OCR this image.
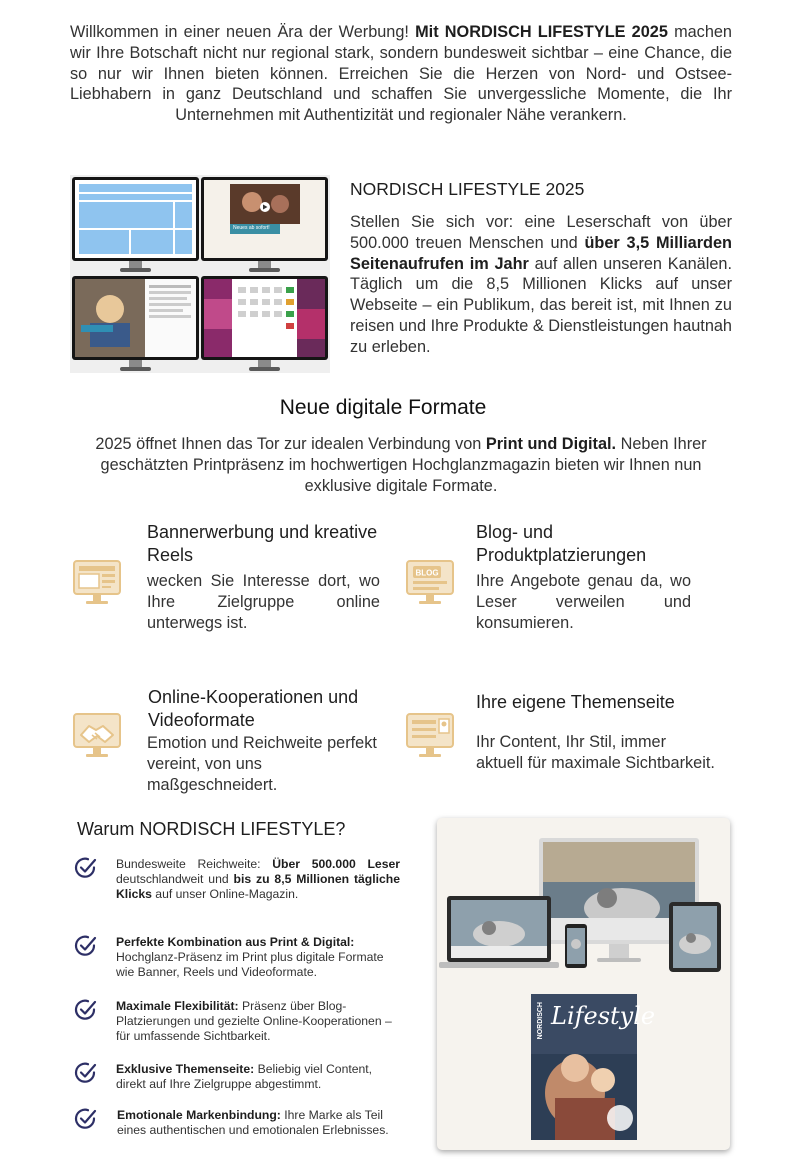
Willkommen in einer neuen Ära der Werbung! Mit NORDISCH LIFESTYLE 2025 machen wir Ihre Botschaft nicht nur regional stark, sondern bundesweit sichtbar – eine Chance, die so nur wir Ihnen bieten können. Erreichen Sie die Herzen von Nord- und Ostsee-Liebhabern in ganz Deutschland und schaffen Sie unvergessliche Momente, die Ihr Unternehmen mit Authentizität und regionaler Nähe verankern.

Neues ab sofort!
NORDISCH LIFESTYLE 2025

Stellen Sie sich vor: eine Leserschaft von über 500.000 treuen Menschen und über 3,5 Milliarden Seitenaufrufen im Jahr auf allen unseren Kanälen. Täglich um die 8,5 Millionen Klicks auf unser Webseite – ein Publikum, das bereit ist, mit Ihnen zu reisen und Ihre Produkte & Dienstleistungen hautnah zu erleben.

Neue digitale Formate

2025 öffnet Ihnen das Tor zur idealen Verbindung von Print und Digital. Neben Ihrer geschätzten Printpräsenz im hochwertigen Hochglanzmagazin bieten wir Ihnen nun exklusive digitale Formate.

Bannerwerbung und kreative Reels

wecken Sie Interesse dort, wo Ihre Zielgruppe online unterwegs ist.

BLOG
Blog- und Produktplatzierungen

Ihre Angebote genau da, wo Leser verweilen und konsumieren.

Online-Kooperationen und Videoformate

Emotion und Reichweite perfekt vereint, von uns maßgeschneidert.

Ihre eigene Themenseite

Ihr Content, Ihr Stil, immer aktuell für maximale Sichtbarkeit.

Warum NORDISCH LIFESTYLE?

Bundesweite Reichweite: Über 500.000 Leser deutschlandweit und bis zu 8,5 Millionen tägliche Klicks auf unser Online-Magazin.

Perfekte Kombination aus Print & Digital: Hochglanz-Präsenz im Print plus digitale Formate wie Banner, Reels und Videoformate.

Maximale Flexibilität: Präsenz über Blog-Platzierungen und gezielte Online-Kooperationen – für umfassende Sichtbarkeit.

Exklusive Themenseite: Beliebig viel Content, direkt auf Ihre Zielgruppe abgestimmt.

Emotionale Markenbindung: Ihre Marke als Teil eines authentischen und emotionalen Erlebnisses.

NORDISCH Lifestyle
